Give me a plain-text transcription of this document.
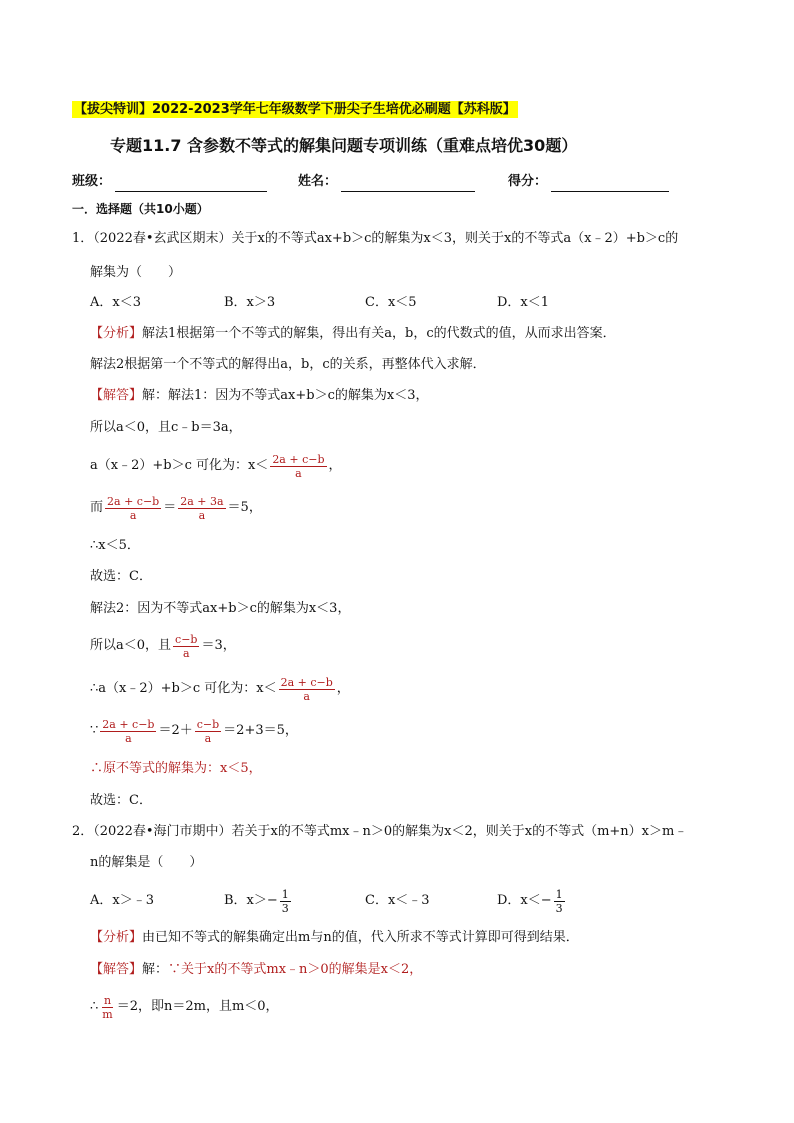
【拔尖特训】2022-2023学年七年级数学下册尖子生培优必刷题【苏科版】
专题11.7 含参数不等式的解集问题专项训练（重难点培优30题）
班级：	姓名：	得分：
一．选择题（共10小题）
1．（2022春•玄武区期末）关于x的不等式ax+b＞c的解集为x＜3，则关于x的不等式a（x﹣2）+b＞c的
解集为（　　）
A．x＜3	B．x＞3	C．x＜5	D．x＜1
【分析】解法1根据第一个不等式的解集，得出有关a，b，c的代数式的值，从而求出答案．
解法2根据第一个不等式的解得出a，b，c的关系，再整体代入求解．
【解答】解：解法1：因为不等式ax+b＞c的解集为x＜3，
所以a＜0，且c﹣b＝3a，
a（x﹣2）+b＞c 可化为：$x< \frac{2a + c-b}{a}$ ，
而 $\frac{2a + c-b}{a} = \frac{2a + 3a}{a} =5$，
∴x＜5．
故选：C．
解法2：因为不等式ax+b＞c的解集为x＜3，
所以a＜0，且 $\frac{c-b}{a} =3$，
∴a（x﹣2）+b＞c 可化为：$x< \frac{2a + c-b}{a}$ ，
∵ $\frac{2a + c-b}{a} =2+ \frac{c-b}{a} =2+3=5$，
∴原不等式的解集为：x＜5，
故选：C．
2．（2022春•海门市期中）若关于x的不等式mx﹣n＞0的解集为x＜2，则关于x的不等式（m+n）x＞m﹣
n的解集是（　　）
A．x＞﹣3	B．$x>- \frac{1}{3}$	C．x＜﹣3	D．$x<- \frac{1}{3}$
【分析】由已知不等式的解集确定出m与n的值，代入所求不等式计算即可得到结果．
【解答】解：∵关于x的不等式mx﹣n＞0的解集是x＜2，
∴ $\frac{n}{m} =2$，即n＝2m，且m＜0，
